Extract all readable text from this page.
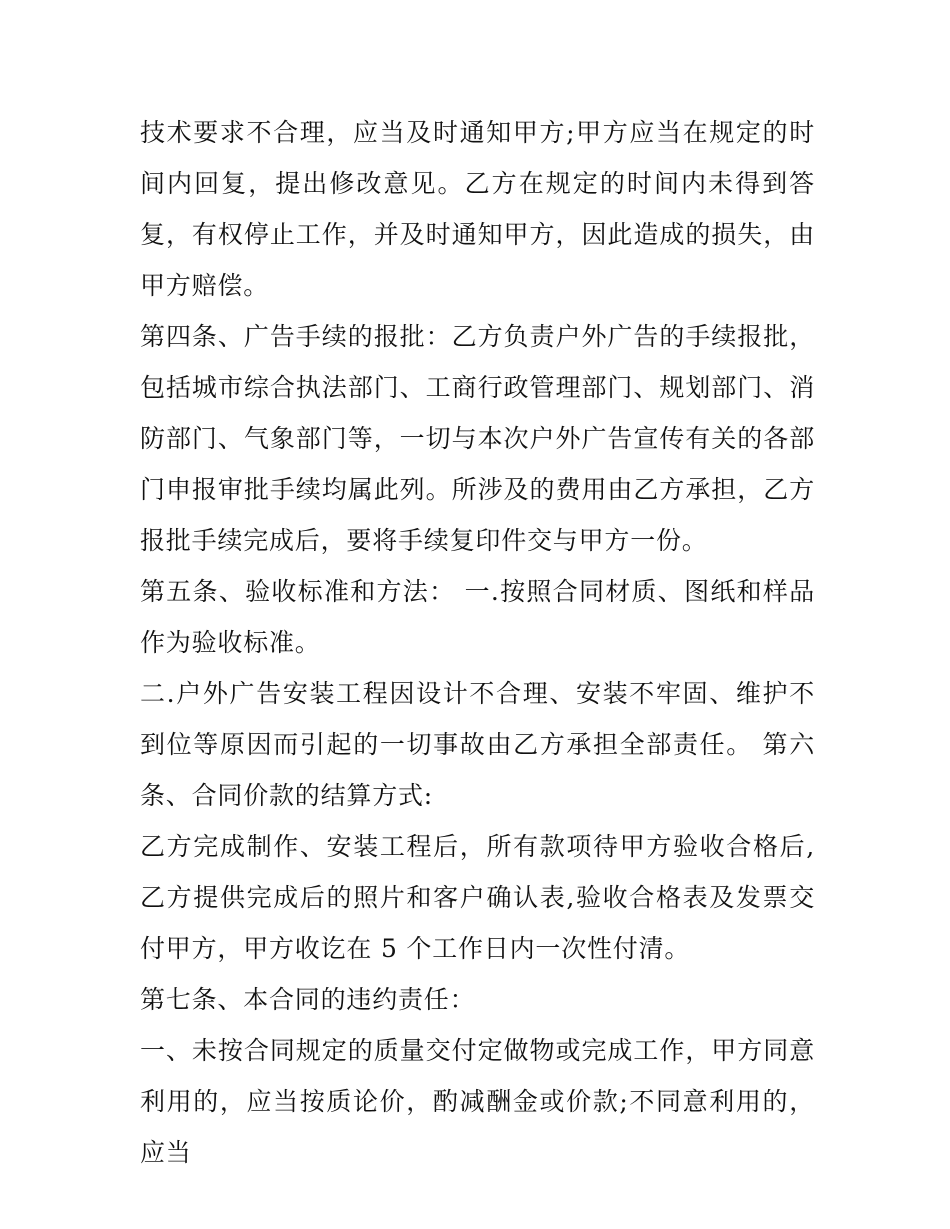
技术要求不合理，应当及时通知甲方;甲方应当在规定的时间内回复，提出修改意见。乙方在规定的时间内未得到答复，有权停止工作，并及时通知甲方，因此造成的损失，由甲方赔偿。

第四条、广告手续的报批：乙方负责户外广告的手续报批，包括城市综合执法部门、工商行政管理部门、规划部门、消防部门、气象部门等，一切与本次户外广告宣传有关的各部门申报审批手续均属此列。所涉及的费用由乙方承担，乙方报批手续完成后，要将手续复印件交与甲方一份。

第五条、验收标准和方法： 一.按照合同材质、图纸和样品作为验收标准。

二.户外广告安装工程因设计不合理、安装不牢固、维护不到位等原因而引起的一切事故由乙方承担全部责任。 第六条、合同价款的结算方式:

乙方完成制作、安装工程后，所有款项待甲方验收合格后,乙方提供完成后的照片和客户确认表,验收合格表及发票交付甲方，甲方收讫在 5 个工作日内一次性付清。

第七条、本合同的违约责任：

一、未按合同规定的质量交付定做物或完成工作，甲方同意利用的，应当按质论价，酌减酬金或价款;不同意利用的，应当
